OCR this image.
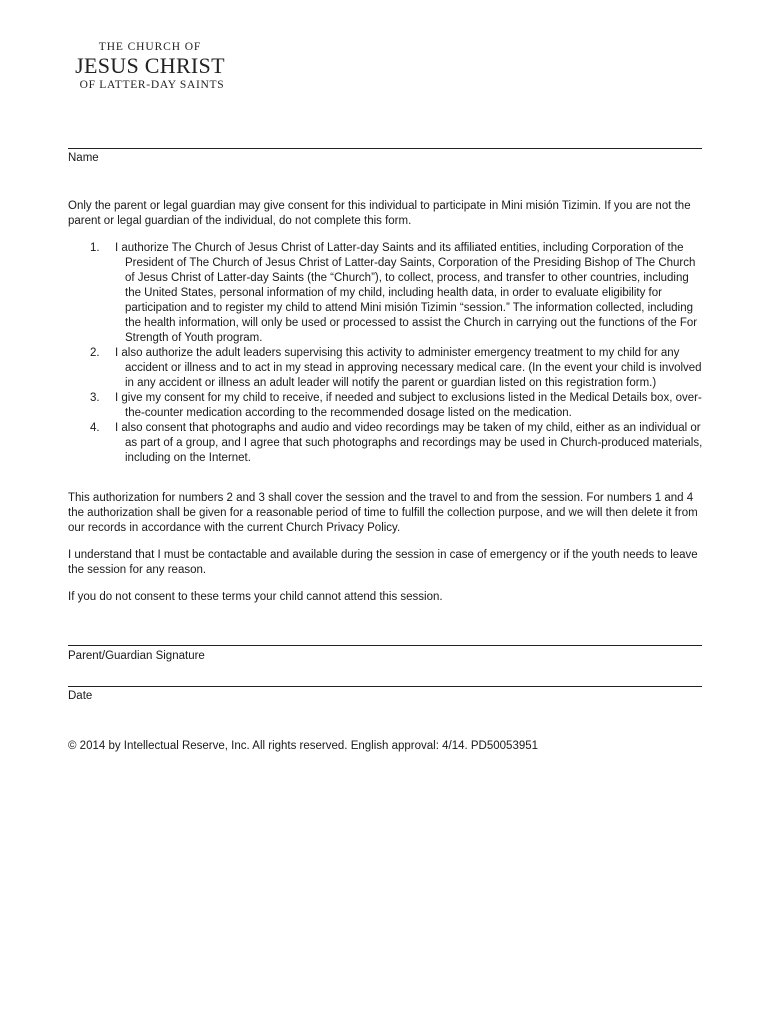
THE CHURCH OF
JESUS CHRIST
OF LATTER-DAY SAINTS
Name

Only the parent or legal guardian may give consent for this individual to participate in Mini misión Tizimin. If you are not the parent or legal guardian of the individual, do not complete this form.

1.	I authorize The Church of Jesus Christ of Latter-day Saints and its affiliated entities, including Corporation of the President of The Church of Jesus Christ of Latter-day Saints, Corporation of the Presiding Bishop of The Church of Jesus Christ of Latter-day Saints (the “Church”), to collect, process, and transfer to other countries, including the United States, personal information of my child, including health data, in order to evaluate eligibility for participation and to register my child to attend Mini misión Tizimin “session.” The information collected, including the health information, will only be used or processed to assist the Church in carrying out the functions of the For Strength of Youth program.
2.	I also authorize the adult leaders supervising this activity to administer emergency treatment to my child for any accident or illness and to act in my stead in approving necessary medical care. (In the event your child is involved in any accident or illness an adult leader will notify the parent or guardian listed on this registration form.)
3.	I give my consent for my child to receive, if needed and subject to exclusions listed in the Medical Details box, over-the-counter medication according to the recommended dosage listed on the medication.
4.	I also consent that photographs and audio and video recordings may be taken of my child, either as an individual or as part of a group, and I agree that such photographs and recordings may be used in Church-produced materials, including on the Internet.

This authorization for numbers 2 and 3 shall cover the session and the travel to and from the session. For numbers 1 and 4 the authorization shall be given for a reasonable period of time to fulfill the collection purpose, and we will then delete it from our records in accordance with the current Church Privacy Policy.

I understand that I must be contactable and available during the session in case of emergency or if the youth needs to leave the session for any reason.

If you do not consent to these terms your child cannot attend this session.

Parent/Guardian Signature
Date
© 2014 by Intellectual Reserve, Inc. All rights reserved. English approval: 4/14. PD50053951
